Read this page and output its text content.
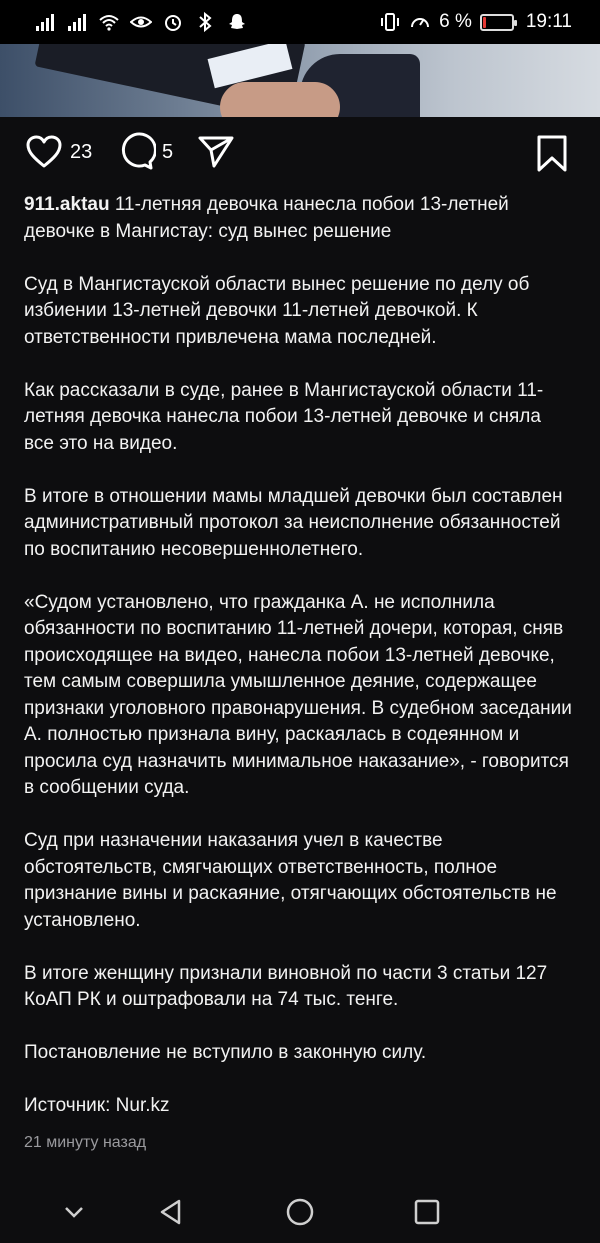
6 %	19:11
23	5

911.aktau 11-летняя девочка нанесла побои 13-летней девочке в Мангистау: суд вынес решение

Суд в Мангистауской области вынес решение по делу об избиении 13-летней девочки 11-летней девочкой. К ответственности привлечена мама последней.

Как рассказали в суде, ранее в Мангистауской области 11-летняя девочка нанесла побои 13-летней девочке и сняла все это на видео.

В итоге в отношении мамы младшей девочки был составлен административный протокол за неисполнение обязанностей по воспитанию несовершеннолетнего.

«Судом установлено, что гражданка А. не исполнила обязанности по воспитанию 11-летней дочери, которая, сняв происходящее на видео, нанесла побои 13-летней девочке, тем самым совершила умышленное деяние, содержащее признаки уголовного правонарушения. В судебном заседании А. полностью признала вину, раскаялась в содеянном и просила суд назначить минимальное наказание», - говорится в сообщении суда.

Суд при назначении наказания учел в качестве обстоятельств, смягчающих ответственность, полное признание вины и раскаяние, отягчающих обстоятельств не установлено.

В итоге женщину признали виновной по части 3 статьи 127 КоАП РК и оштрафовали на 74 тыс. тенге.

Постановление не вступило в законную силу.

Источник: Nur.kz

21 минуту назад
